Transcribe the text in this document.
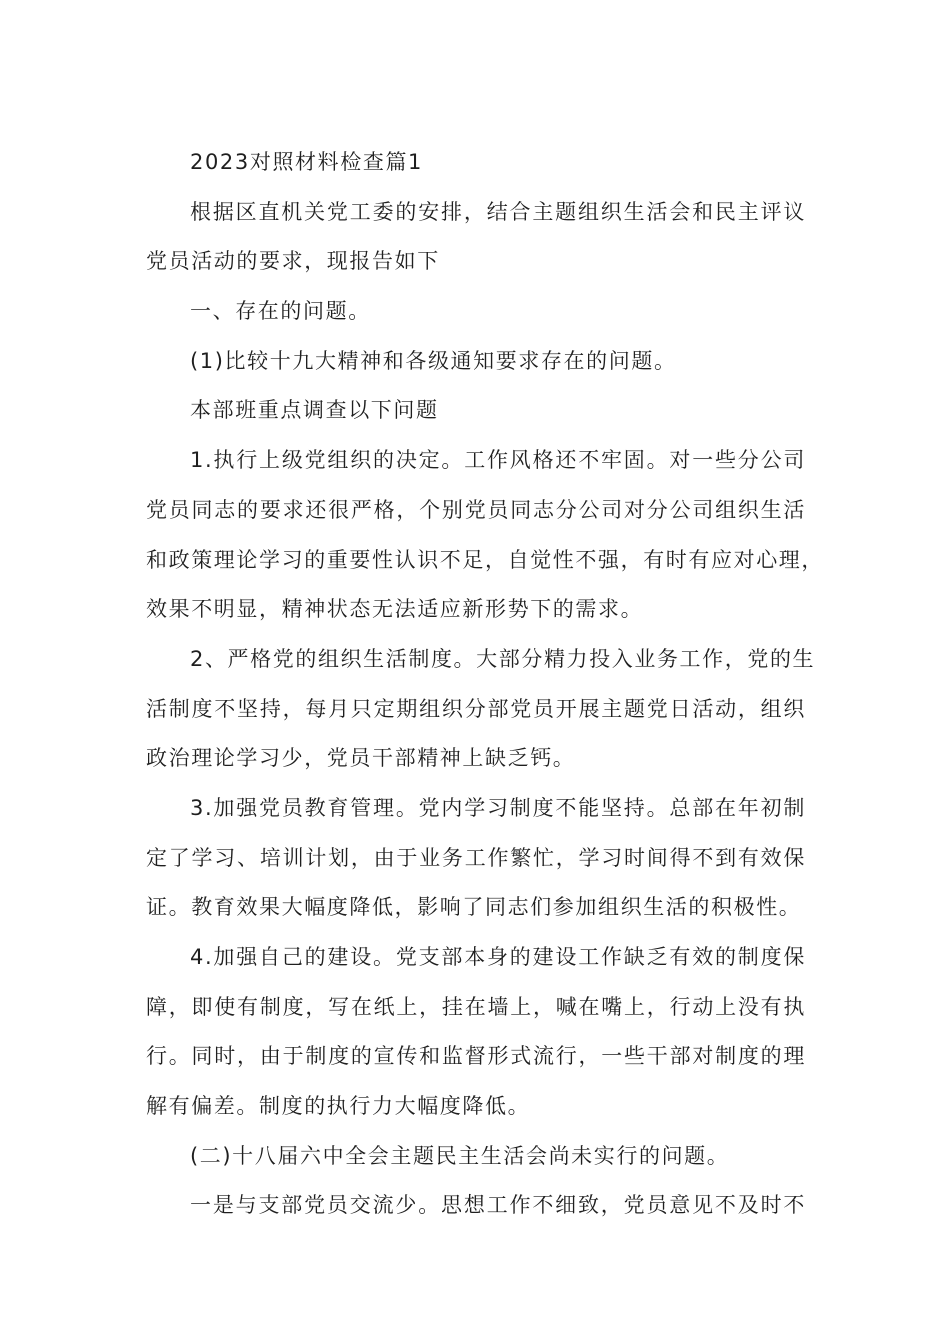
2023对照材料检查篇1
根据区直机关党工委的安排，结合主题组织生活会和民主评议
党员活动的要求，现报告如下
一、存在的问题。
(1)比较十九大精神和各级通知要求存在的问题。
本部班重点调查以下问题
1.执行上级党组织的决定。工作风格还不牢固。对一些分公司
党员同志的要求还很严格，个别党员同志分公司对分公司组织生活
和政策理论学习的重要性认识不足，自觉性不强，有时有应对心理，
效果不明显，精神状态无法适应新形势下的需求。
2、严格党的组织生活制度。大部分精力投入业务工作，党的生
活制度不坚持，每月只定期组织分部党员开展主题党日活动，组织
政治理论学习少，党员干部精神上缺乏钙。
3.加强党员教育管理。党内学习制度不能坚持。总部在年初制
定了学习、培训计划，由于业务工作繁忙，学习时间得不到有效保
证。教育效果大幅度降低，影响了同志们参加组织生活的积极性。
4.加强自己的建设。党支部本身的建设工作缺乏有效的制度保
障，即使有制度，写在纸上，挂在墙上，喊在嘴上，行动上没有执
行。同时，由于制度的宣传和监督形式流行，一些干部对制度的理
解有偏差。制度的执行力大幅度降低。
(二)十八届六中全会主题民主生活会尚未实行的问题。
一是与支部党员交流少。思想工作不细致，党员意见不及时不
